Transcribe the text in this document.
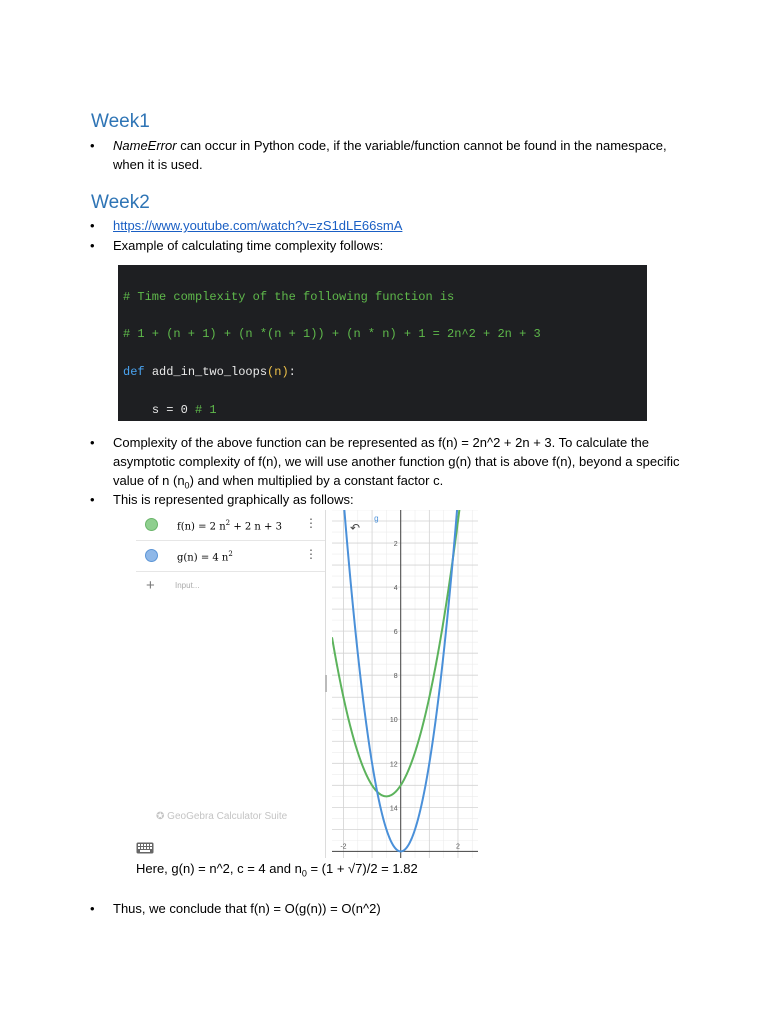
Week1
•	NameError can occur in Python code, if the variable/function cannot be found in the namespace,
when it is used.
Week2
•	https://www.youtube.com/watch?v=zS1dLE66smA
•	Example of calculating time complexity follows:

# Time complexity of the following function is

# 1 + (n + 1) + (n *(n + 1)) + (n * n) + 1 = 2n^2 + 2n + 3

def add_in_two_loops(n):

s = 0 # 1

•	Complexity of the above function can be represented as f(n) = 2n^2 + 2n + 3. To calculate the
asymptotic complexity of f(n), we will use another function g(n) that is above f(n), beyond a specific
value of n $(n_0)$ and when multiplied by a constant factor c.
•	This is represented graphically as follows:
f(n) = 2 $n^2 + 2$ n + 3 ⋮
g(n) = 4 $n^2$	⋮
+	Input...
✪ GeoGebra Calculator Suite
14
12
10
8
6
4
2
-2	2
g
↶
Here, g(n) = n^2, c = 4 and $n_0 = (1 + √7)/2 = 1.82$
•	Thus, we conclude that f(n) = O(g(n)) = O(n^2)
